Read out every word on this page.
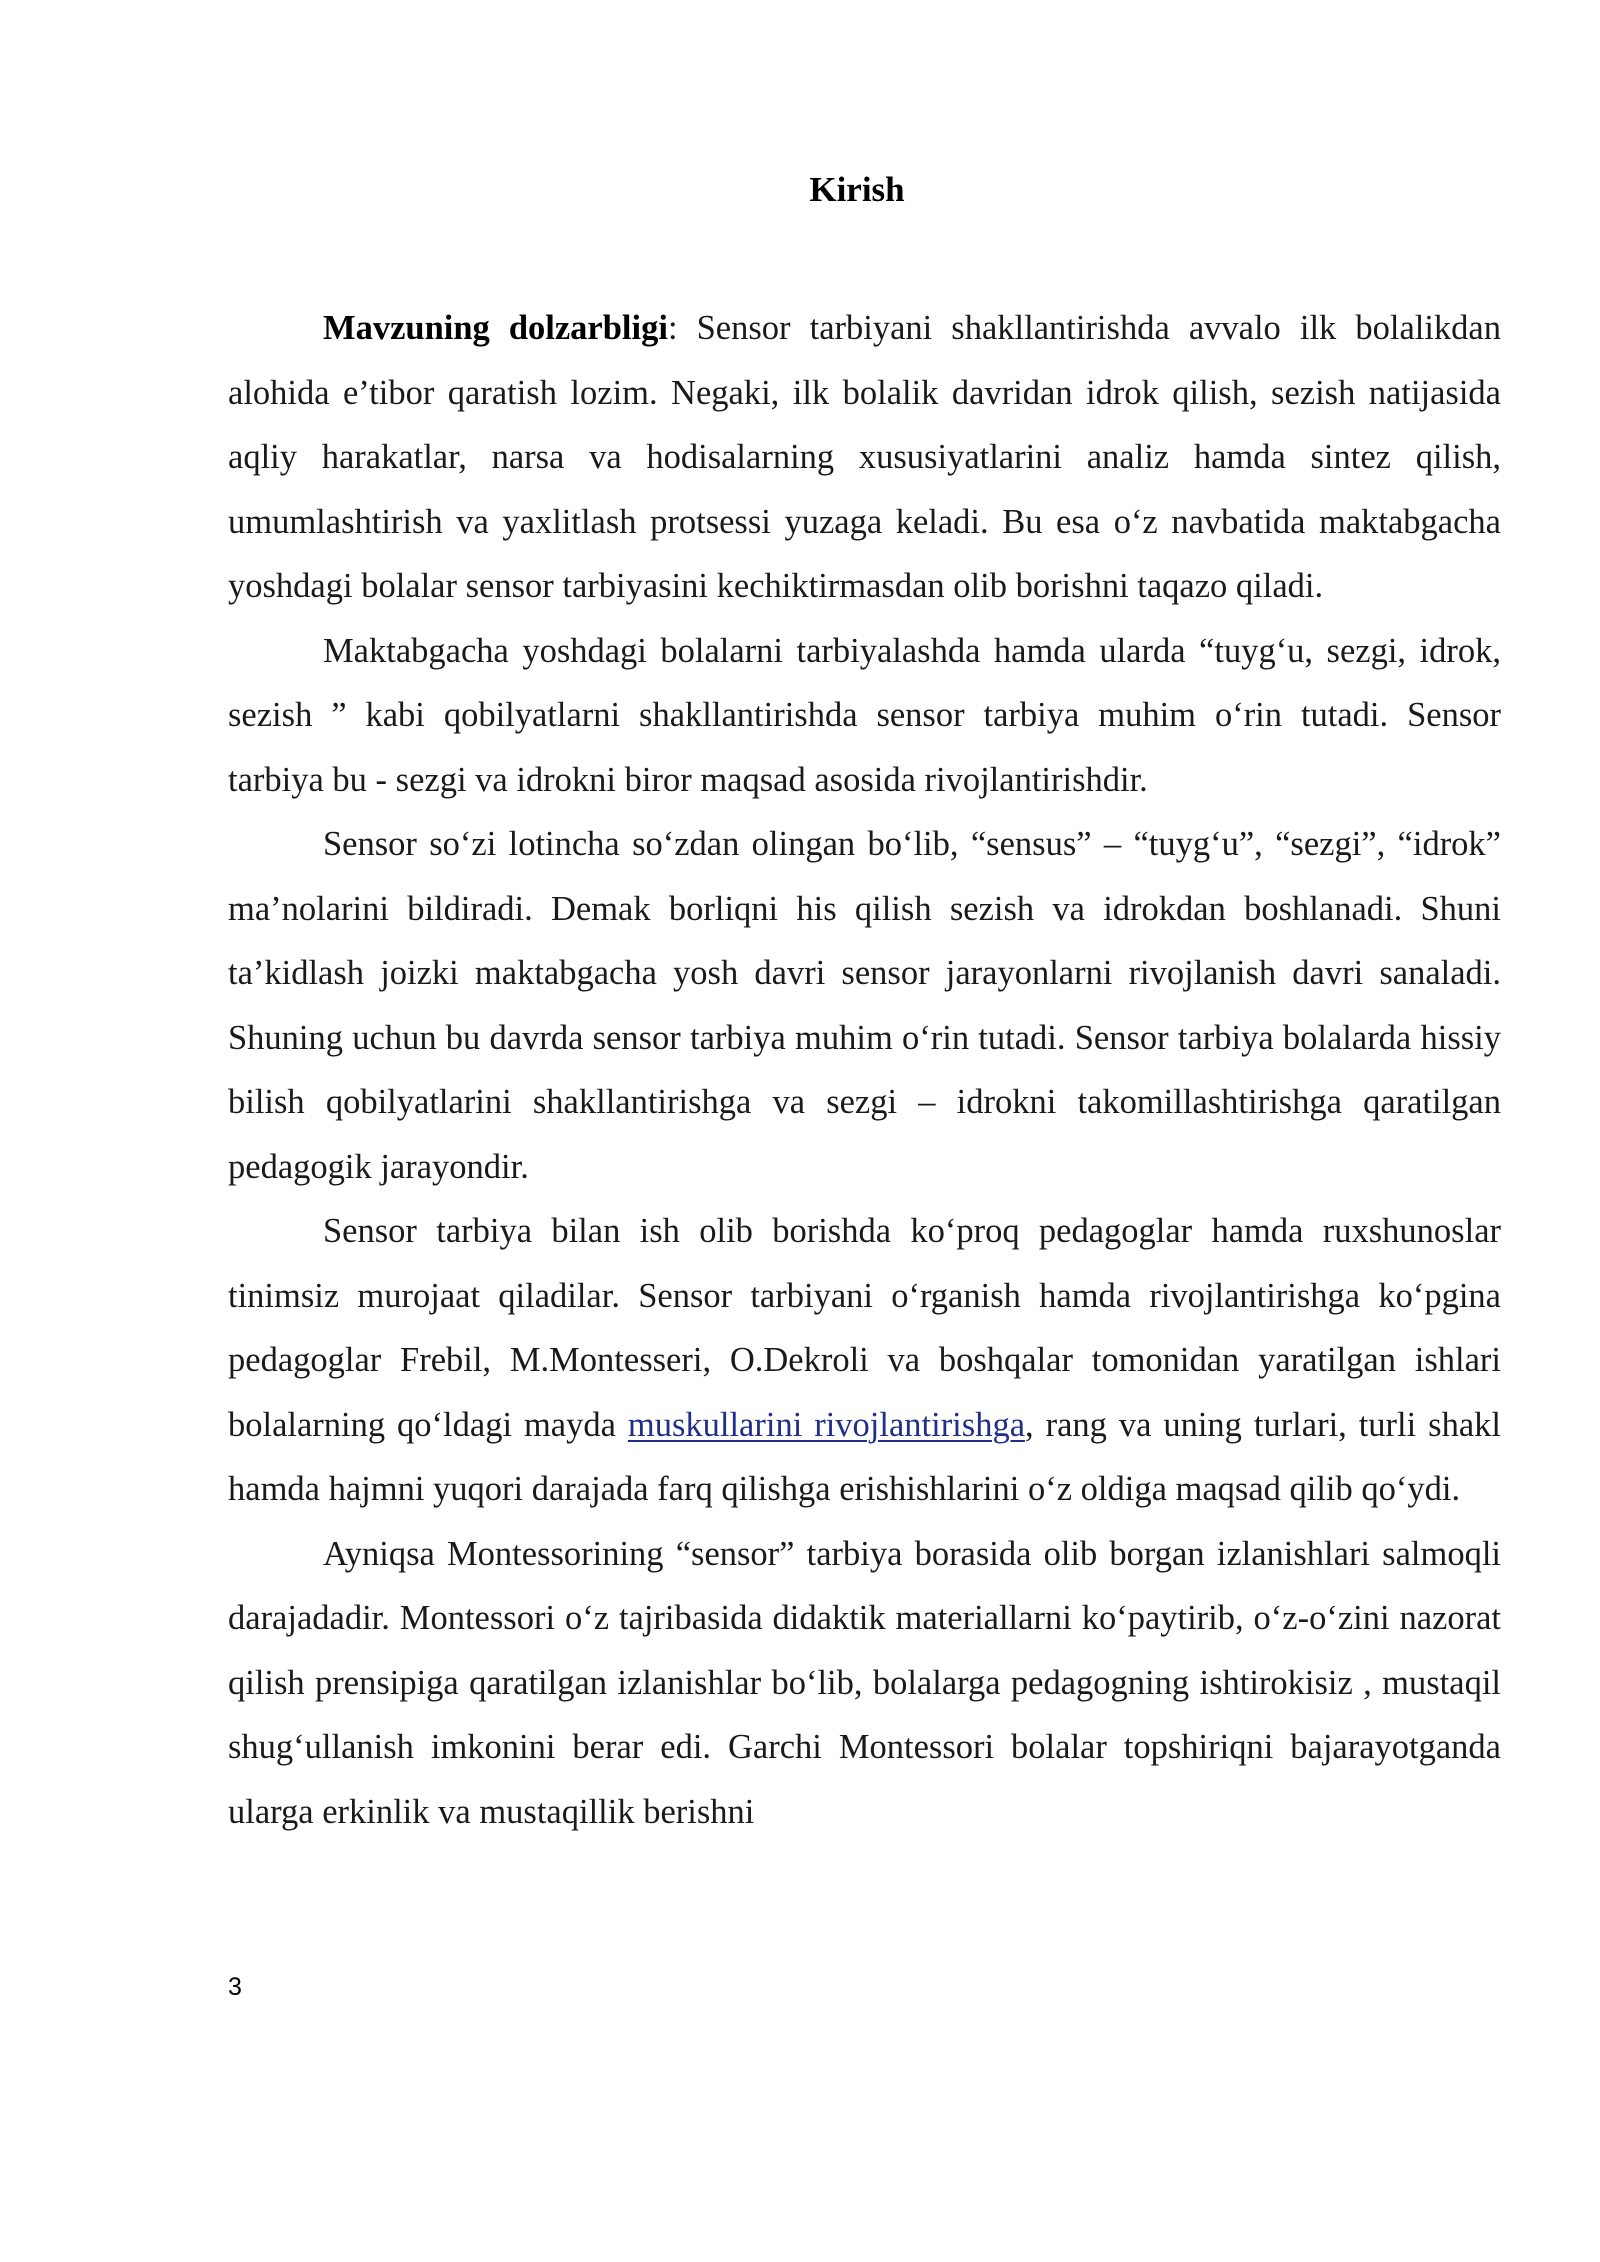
Kirish

Mavzuning dolzarbligi: Sensor tarbiyani shakllantirishda avvalo ilk bolalikdan alohida e’tibor qaratish lozim. Negaki, ilk bolalik davridan idrok qilish, sezish natijasida aqliy harakatlar, narsa va hodisalarning xususiyatlarini analiz hamda sintez qilish, umumlashtirish va yaxlitlash protsessi yuzaga keladi. Bu esa oʻz navbatida maktabgacha yoshdagi bolalar sensor tarbiyasini kechiktirmasdan olib borishni taqazo qiladi.

Maktabgacha yoshdagi bolalarni tarbiyalashda hamda ularda “tuygʻu, sezgi, idrok, sezish ” kabi qobilyatlarni shakllantirishda sensor tarbiya muhim oʻrin tutadi. Sensor tarbiya bu - sezgi va idrokni biror maqsad asosida rivojlantirishdir.

Sensor soʻzi lotincha soʻzdan olingan boʻlib, “sensus” – “tuygʻu”, “sezgi”, “idrok” ma’nolarini bildiradi. Demak borliqni his qilish sezish va idrokdan boshlanadi. Shuni ta’kidlash joizki maktabgacha yosh davri sensor jarayonlarni rivojlanish davri sanaladi. Shuning uchun bu davrda sensor tarbiya muhim oʻrin tutadi. Sensor tarbiya bolalarda hissiy bilish qobilyatlarini shakllantirishga va sezgi – idrokni takomillashtirishga qaratilgan pedagogik jarayondir.

Sensor tarbiya bilan ish olib borishda koʻproq pedagoglar hamda ruxshunoslar tinimsiz murojaat qiladilar. Sensor tarbiyani oʻrganish hamda rivojlantirishga koʻpgina pedagoglar Frebil, M.Montesseri, O.Dekroli va boshqalar tomonidan yaratilgan ishlari bolalarning qoʻldagi mayda muskullarini rivojlantirishga, rang va uning turlari, turli shakl hamda hajmni yuqori darajada farq qilishga erishishlarini oʻz oldiga maqsad qilib qoʻydi.

Ayniqsa Montessorining “sensor” tarbiya borasida olib borgan izlanishlari salmoqli darajadadir. Montessori oʻz tajribasida didaktik materiallarni koʻpaytirib, oʻz-oʻzini nazorat qilish prensipiga qaratilgan izlanishlar boʻlib, bolalarga pedagogning ishtirokisiz , mustaqil shugʻullanish imkonini berar edi. Garchi Montessori bolalar topshiriqni bajarayotganda ularga erkinlik va mustaqillik berishni

3
